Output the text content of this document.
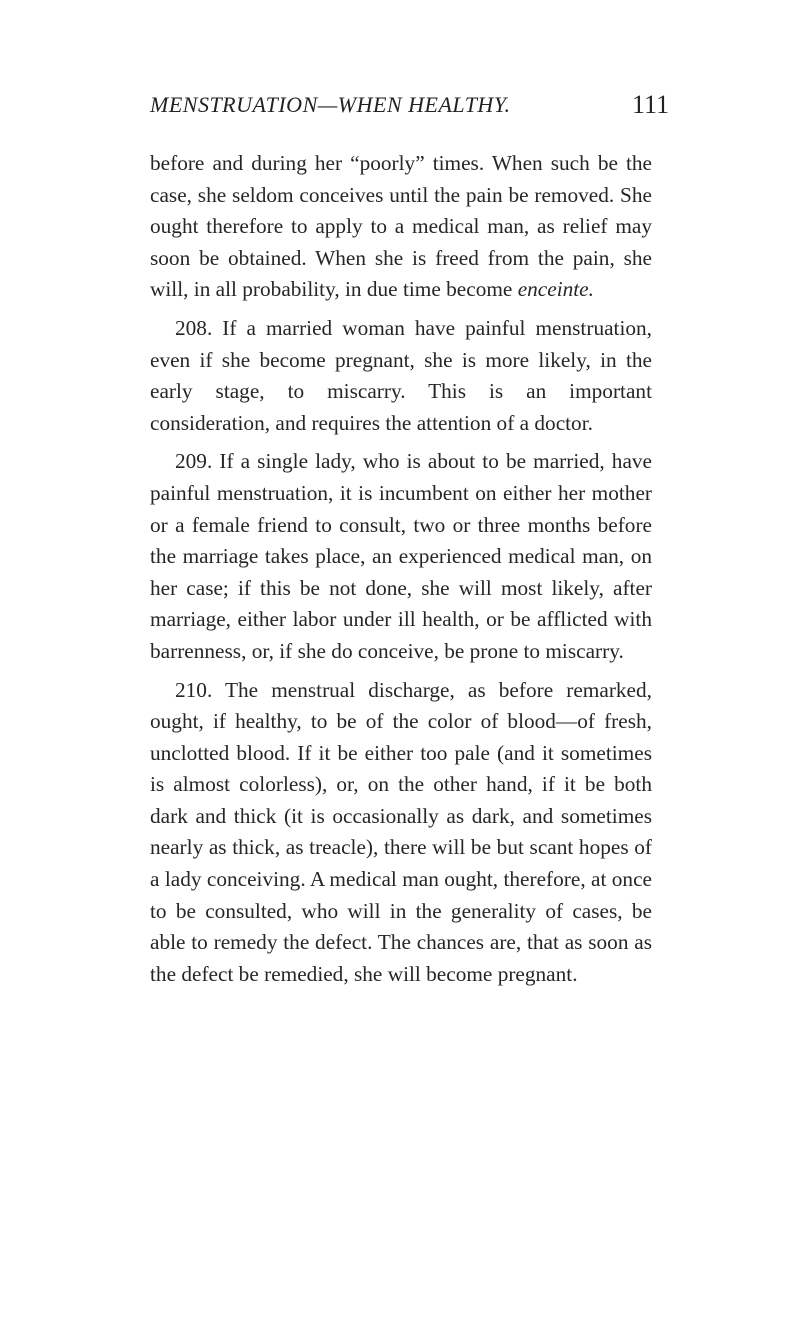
MENSTRUATION—WHEN HEALTHY.	111

before and during her “poorly” times. When such be the case, she seldom conceives until the pain be removed. She ought therefore to apply to a medical man, as relief may soon be obtained. When she is freed from the pain, she will, in all probability, in due time become enceinte.

208. If a married woman have painful menstruation, even if she become pregnant, she is more likely, in the early stage, to miscarry. This is an important consideration, and requires the attention of a doctor.

209. If a single lady, who is about to be married, have painful menstruation, it is incumbent on either her mother or a female friend to consult, two or three months before the marriage takes place, an experienced medical man, on her case; if this be not done, she will most likely, after marriage, either labor under ill health, or be afflicted with barrenness, or, if she do conceive, be prone to miscarry.

210. The menstrual discharge, as before remarked, ought, if healthy, to be of the color of blood—of fresh, unclotted blood. If it be either too pale (and it sometimes is almost colorless), or, on the other hand, if it be both dark and thick (it is occasionally as dark, and sometimes nearly as thick, as treacle), there will be but scant hopes of a lady conceiving. A medical man ought, therefore, at once to be consulted, who will in the generality of cases, be able to remedy the defect. The chances are, that as soon as the defect be remedied, she will become pregnant.
